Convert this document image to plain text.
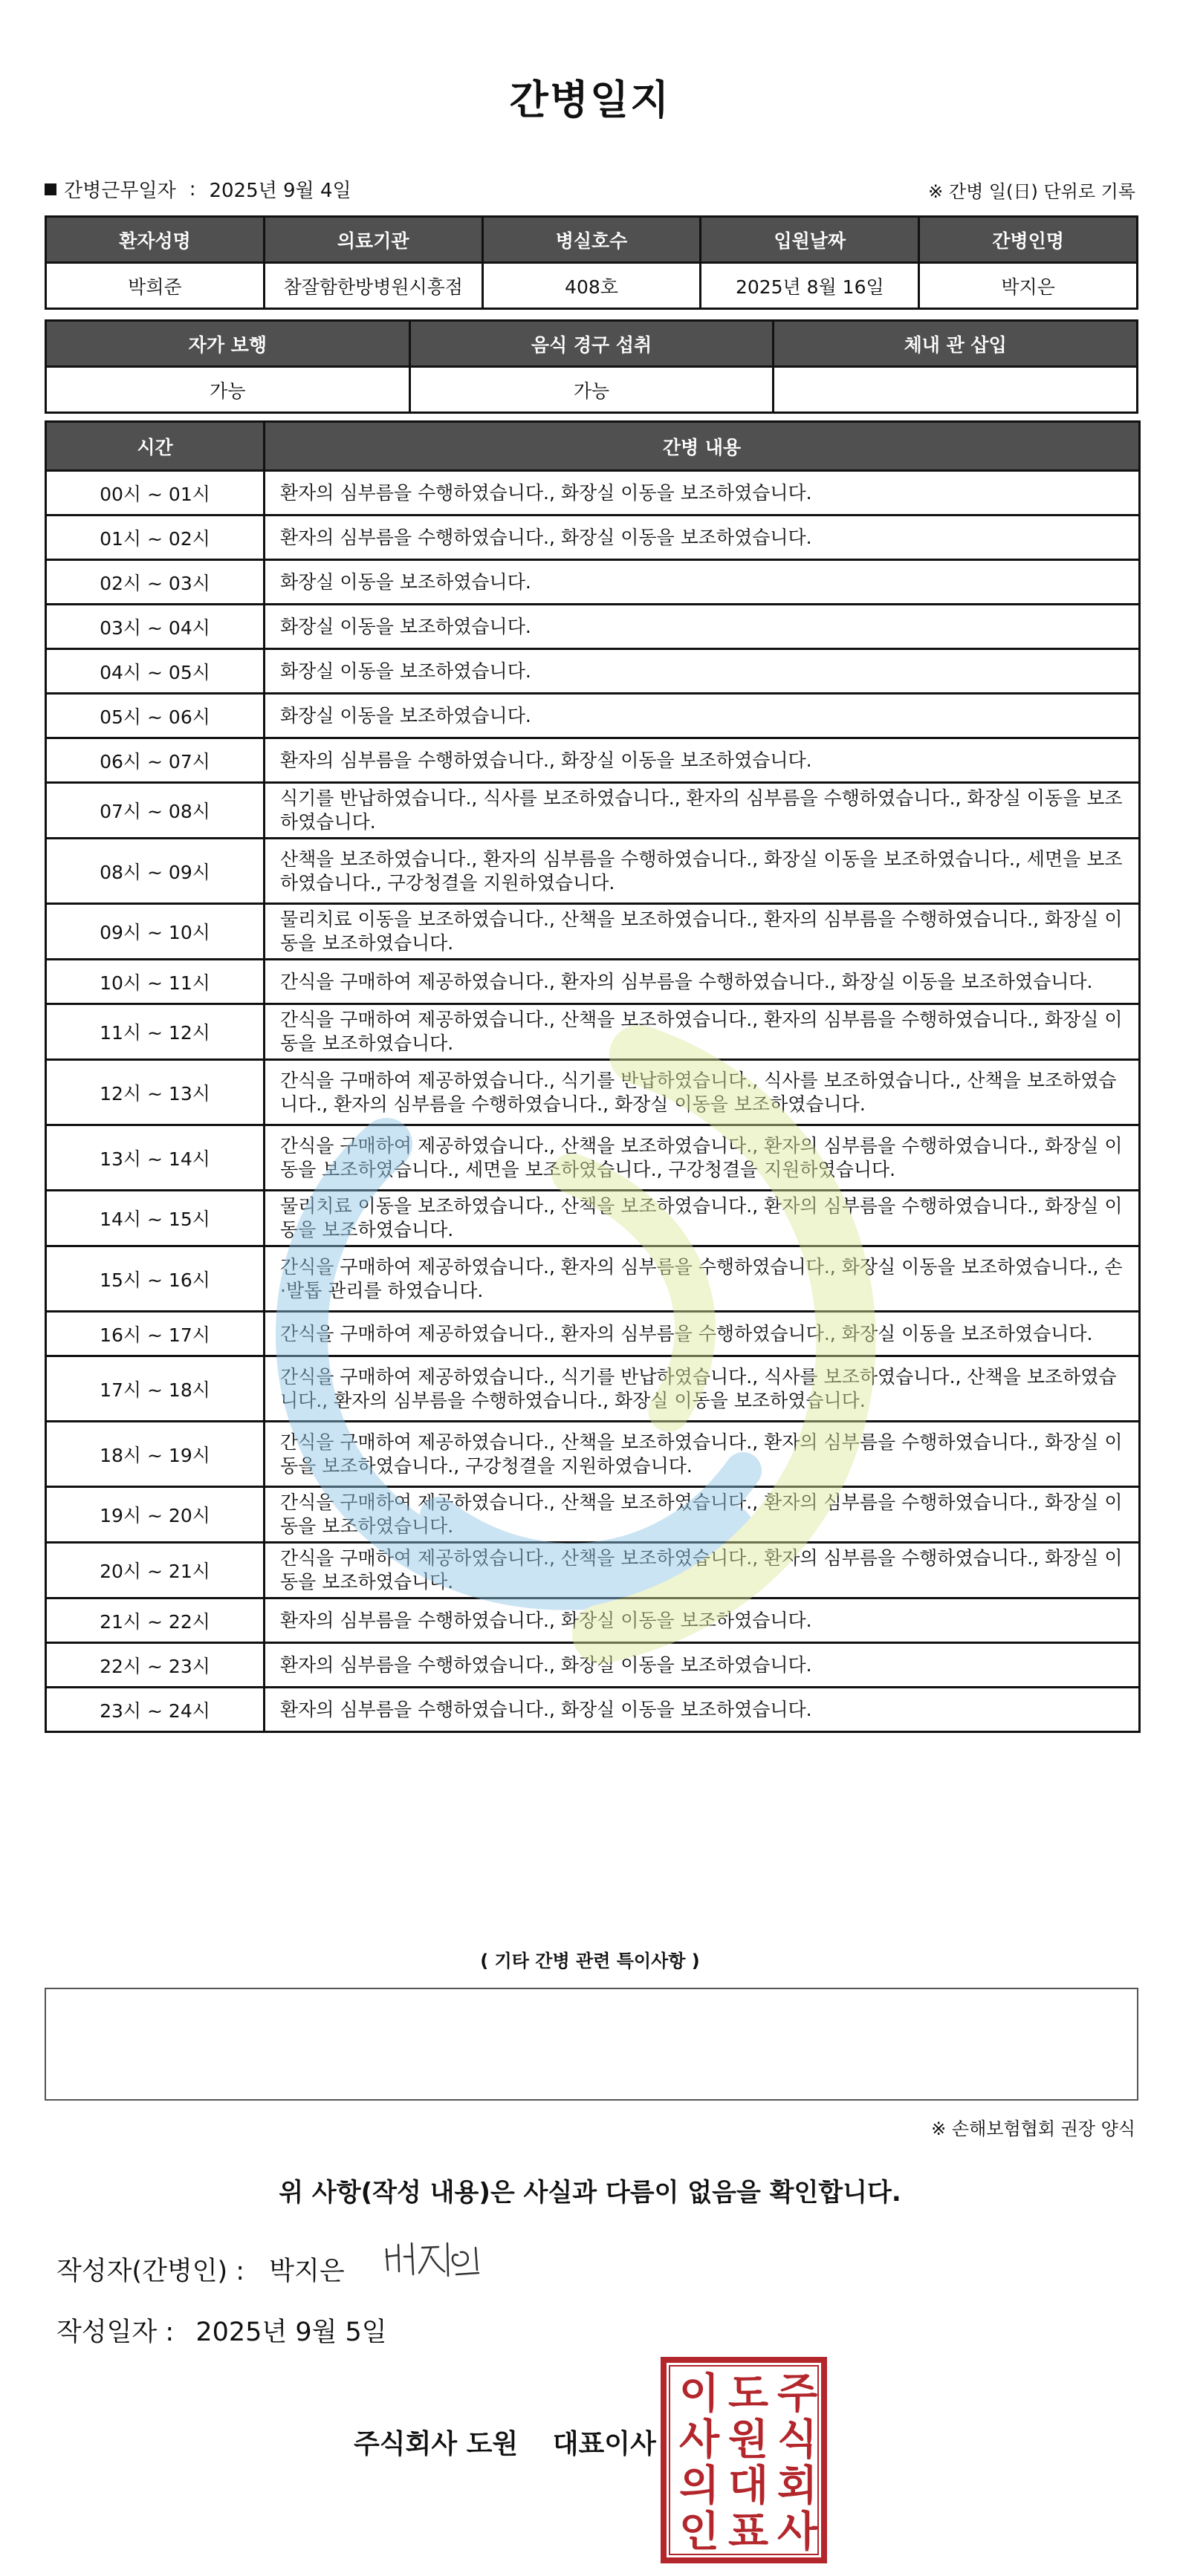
간병일지
간병근무일자 : 2025년 9월 4일	※ 간병 일(日) 단위로 기록
환자성명	의료기관	병실호수	입원날짜	간병인명
박희준	참잘함한방병원시흥점	408호	2025년 8월 16일	박지은
자가 보행	음식 경구 섭취	체내 관 삽입
가능	가능	
시간	간병 내용
00시 ~ 01시	환자의 심부름을 수행하였습니다., 화장실 이동을 보조하였습니다.
01시 ~ 02시	환자의 심부름을 수행하였습니다., 화장실 이동을 보조하였습니다.
02시 ~ 03시	화장실 이동을 보조하였습니다.
03시 ~ 04시	화장실 이동을 보조하였습니다.
04시 ~ 05시	화장실 이동을 보조하였습니다.
05시 ~ 06시	화장실 이동을 보조하였습니다.
06시 ~ 07시	환자의 심부름을 수행하였습니다., 화장실 이동을 보조하였습니다.
07시 ~ 08시	식기를 반납하였습니다., 식사를 보조하였습니다., 환자의 심부름을 수행하였습니다., 화장실 이동을 보조하였습니다.
08시 ~ 09시	산책을 보조하였습니다., 환자의 심부름을 수행하였습니다., 화장실 이동을 보조하였습니다., 세면을 보조하였습니다., 구강청결을 지원하였습니다.
09시 ~ 10시	물리치료 이동을 보조하였습니다., 산책을 보조하였습니다., 환자의 심부름을 수행하였습니다., 화장실 이동을 보조하였습니다.
10시 ~ 11시	간식을 구매하여 제공하였습니다., 환자의 심부름을 수행하였습니다., 화장실 이동을 보조하였습니다.
11시 ~ 12시	간식을 구매하여 제공하였습니다., 산책을 보조하였습니다., 환자의 심부름을 수행하였습니다., 화장실 이동을 보조하였습니다.
12시 ~ 13시	간식을 구매하여 제공하였습니다., 식기를 반납하였습니다., 식사를 보조하였습니다., 산책을 보조하였습니다., 환자의 심부름을 수행하였습니다., 화장실 이동을 보조하였습니다.
13시 ~ 14시	간식을 구매하여 제공하였습니다., 산책을 보조하였습니다., 환자의 심부름을 수행하였습니다., 화장실 이동을 보조하였습니다., 세면을 보조하였습니다., 구강청결을 지원하였습니다.
14시 ~ 15시	물리치료 이동을 보조하였습니다., 산책을 보조하였습니다., 환자의 심부름을 수행하였습니다., 화장실 이동을 보조하였습니다.
15시 ~ 16시	간식을 구매하여 제공하였습니다., 환자의 심부름을 수행하였습니다., 화장실 이동을 보조하였습니다., 손·발톱 관리를 하였습니다.
16시 ~ 17시	간식을 구매하여 제공하였습니다., 환자의 심부름을 수행하였습니다., 화장실 이동을 보조하였습니다.
17시 ~ 18시	간식을 구매하여 제공하였습니다., 식기를 반납하였습니다., 식사를 보조하였습니다., 산책을 보조하였습니다., 환자의 심부름을 수행하였습니다., 화장실 이동을 보조하였습니다.
18시 ~ 19시	간식을 구매하여 제공하였습니다., 산책을 보조하였습니다., 환자의 심부름을 수행하였습니다., 화장실 이동을 보조하였습니다., 구강청결을 지원하였습니다.
19시 ~ 20시	간식을 구매하여 제공하였습니다., 산책을 보조하였습니다., 환자의 심부름을 수행하였습니다., 화장실 이동을 보조하였습니다.
20시 ~ 21시	간식을 구매하여 제공하였습니다., 산책을 보조하였습니다., 환자의 심부름을 수행하였습니다., 화장실 이동을 보조하였습니다.
21시 ~ 22시	환자의 심부름을 수행하였습니다., 화장실 이동을 보조하였습니다.
22시 ~ 23시	환자의 심부름을 수행하였습니다., 화장실 이동을 보조하였습니다.
23시 ~ 24시	환자의 심부름을 수행하였습니다., 화장실 이동을 보조하였습니다.
( 기타 간병 관련 특이사항 )
※ 손해보험협회 권장 양식
위 사항(작성 내용)은 사실과 다름이 없음을 확인합니다.
작성자(간병인) : 박지은
작성일자 : 2025년 9월 5일
주식회사 도원 대표이사
주
식
회
사
도
원
대
표
이
사
의
인
